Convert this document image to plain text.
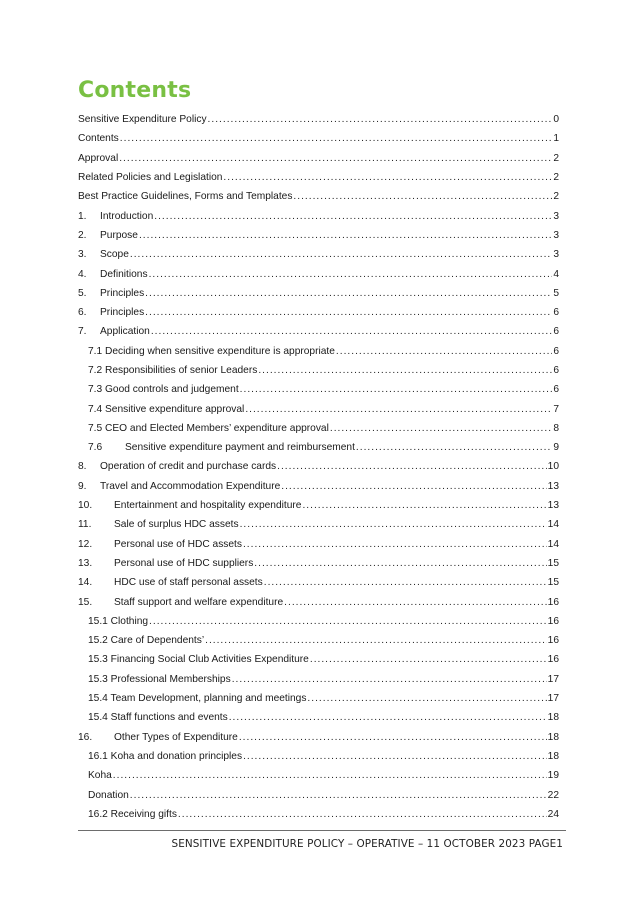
Contents
Sensitive Expenditure Policy .....	0
Contents .....	1
Approval .....	2
Related Policies and Legislation .....	2
Best Practice Guidelines, Forms and Templates .....	2
1.	Introduction .....	3
2.	Purpose .....	3
3.	Scope .....	3
4.	Definitions .....	4
5.	Principles .....	5
6.	Principles .....	6
7.	Application .....	6
7.1 Deciding when sensitive expenditure is appropriate .....	6
7.2 Responsibilities of senior Leaders .....	6
7.3 Good controls and judgement .....	6
7.4 Sensitive expenditure approval .....	7
7.5 CEO and Elected Members’ expenditure approval .....	8
7.6	Sensitive expenditure payment and reimbursement .....	9
8.	Operation of credit and purchase cards .....	10
9.	Travel and Accommodation Expenditure .....	13
10.	Entertainment and hospitality expenditure .....	13
11.	Sale of surplus HDC assets .....	14
12.	Personal use of HDC assets .....	14
13.	Personal use of HDC suppliers .....	15
14.	HDC use of staff personal assets .....	15
15.	Staff support and welfare expenditure .....	16
15.1 Clothing .....	16
15.2 Care of Dependents’ .....	16
15.3 Financing Social Club Activities Expenditure .....	16
15.3 Professional Memberships .....	17
15.4 Team Development, planning and meetings .....	17
15.4 Staff functions and events .....	18
16.	Other Types of Expenditure .....	18
16.1 Koha and donation principles .....	18
Koha .....	19
Donation .....	22
16.2 Receiving gifts .....	24
SENSITIVE EXPENDITURE POLICY – OPERATIVE – 11 OCTOBER 2023 PAGE1
